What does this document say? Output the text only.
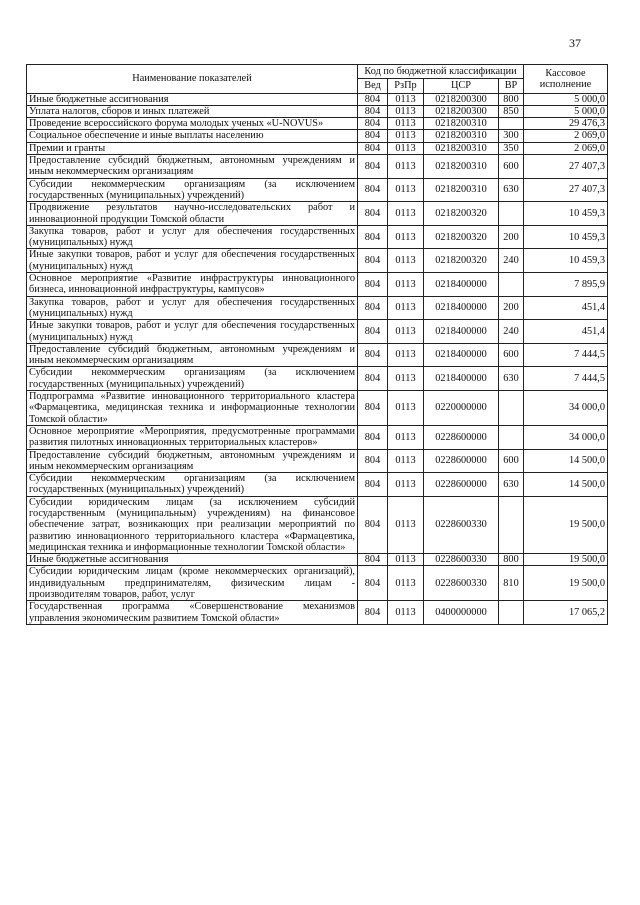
37
Наименование показателей	Код по бюджетной классификации				Кассовое исполнение
	Вед	РзПр	ЦСР	ВР	
Иные бюджетные ассигнования	804	0113	0218200300	800	5 000,0
Уплата налогов, сборов и иных платежей	804	0113	0218200300	850	5 000,0
Проведение всероссийского форума молодых ученых «U-NOVUS»	804	0113	0218200310		29 476,3
Социальное обеспечение и иные выплаты населению	804	0113	0218200310	300	2 069,0
Премии и гранты	804	0113	0218200310	350	2 069,0
Предоставление субсидий бюджетным, автономным учреждениям и иным некоммерческим организациям	804	0113	0218200310	600	27 407,3
Субсидии некоммерческим организациям (за исключением государственных (муниципальных) учреждений)	804	0113	0218200310	630	27 407,3
Продвижение результатов научно-исследовательских работ и инновационной продукции Томской области	804	0113	0218200320		10 459,3
Закупка товаров, работ и услуг для обеспечения государственных (муниципальных) нужд	804	0113	0218200320	200	10 459,3
Иные закупки товаров, работ и услуг для обеспечения государственных (муниципальных) нужд	804	0113	0218200320	240	10 459,3
Основное мероприятие «Развитие инфраструктуры инновационного бизнеса, инновационной инфраструктуры, кампусов»	804	0113	0218400000		7 895,9
Закупка товаров, работ и услуг для обеспечения государственных (муниципальных) нужд	804	0113	0218400000	200	451,4
Иные закупки товаров, работ и услуг для обеспечения государственных (муниципальных) нужд	804	0113	0218400000	240	451,4
Предоставление субсидий бюджетным, автономным учреждениям и иным некоммерческим организациям	804	0113	0218400000	600	7 444,5
Субсидии некоммерческим организациям (за исключением государственных (муниципальных) учреждений)	804	0113	0218400000	630	7 444,5
Подпрограмма «Развитие инновационного территориального кластера «Фармацевтика, медицинская техника и информационные технологии Томской области»	804	0113	0220000000		34 000,0
Основное мероприятие «Мероприятия, предусмотренные программами развития пилотных инновационных территориальных кластеров»	804	0113	0228600000		34 000,0
Предоставление субсидий бюджетным, автономным учреждениям и иным некоммерческим организациям	804	0113	0228600000	600	14 500,0
Субсидии некоммерческим организациям (за исключением государственных (муниципальных) учреждений)	804	0113	0228600000	630	14 500,0
Субсидии юридическим лицам (за исключением субсидий государственным (муниципальным) учреждениям) на финансовое обеспечение затрат, возникающих при реализации мероприятий по развитию инновационного территориального кластера «Фармацевтика, медицинская техника и информационные технологии Томской области»	804	0113	0228600330		19 500,0
Иные бюджетные ассигнования	804	0113	0228600330	800	19 500,0
Субсидии юридическим лицам (кроме некоммерческих организаций), индивидуальным предпринимателям, физическим лицам - производителям товаров, работ, услуг	804	0113	0228600330	810	19 500,0
Государственная программа «Совершенствование механизмов управления экономическим развитием Томской области»	804	0113	0400000000		17 065,2
